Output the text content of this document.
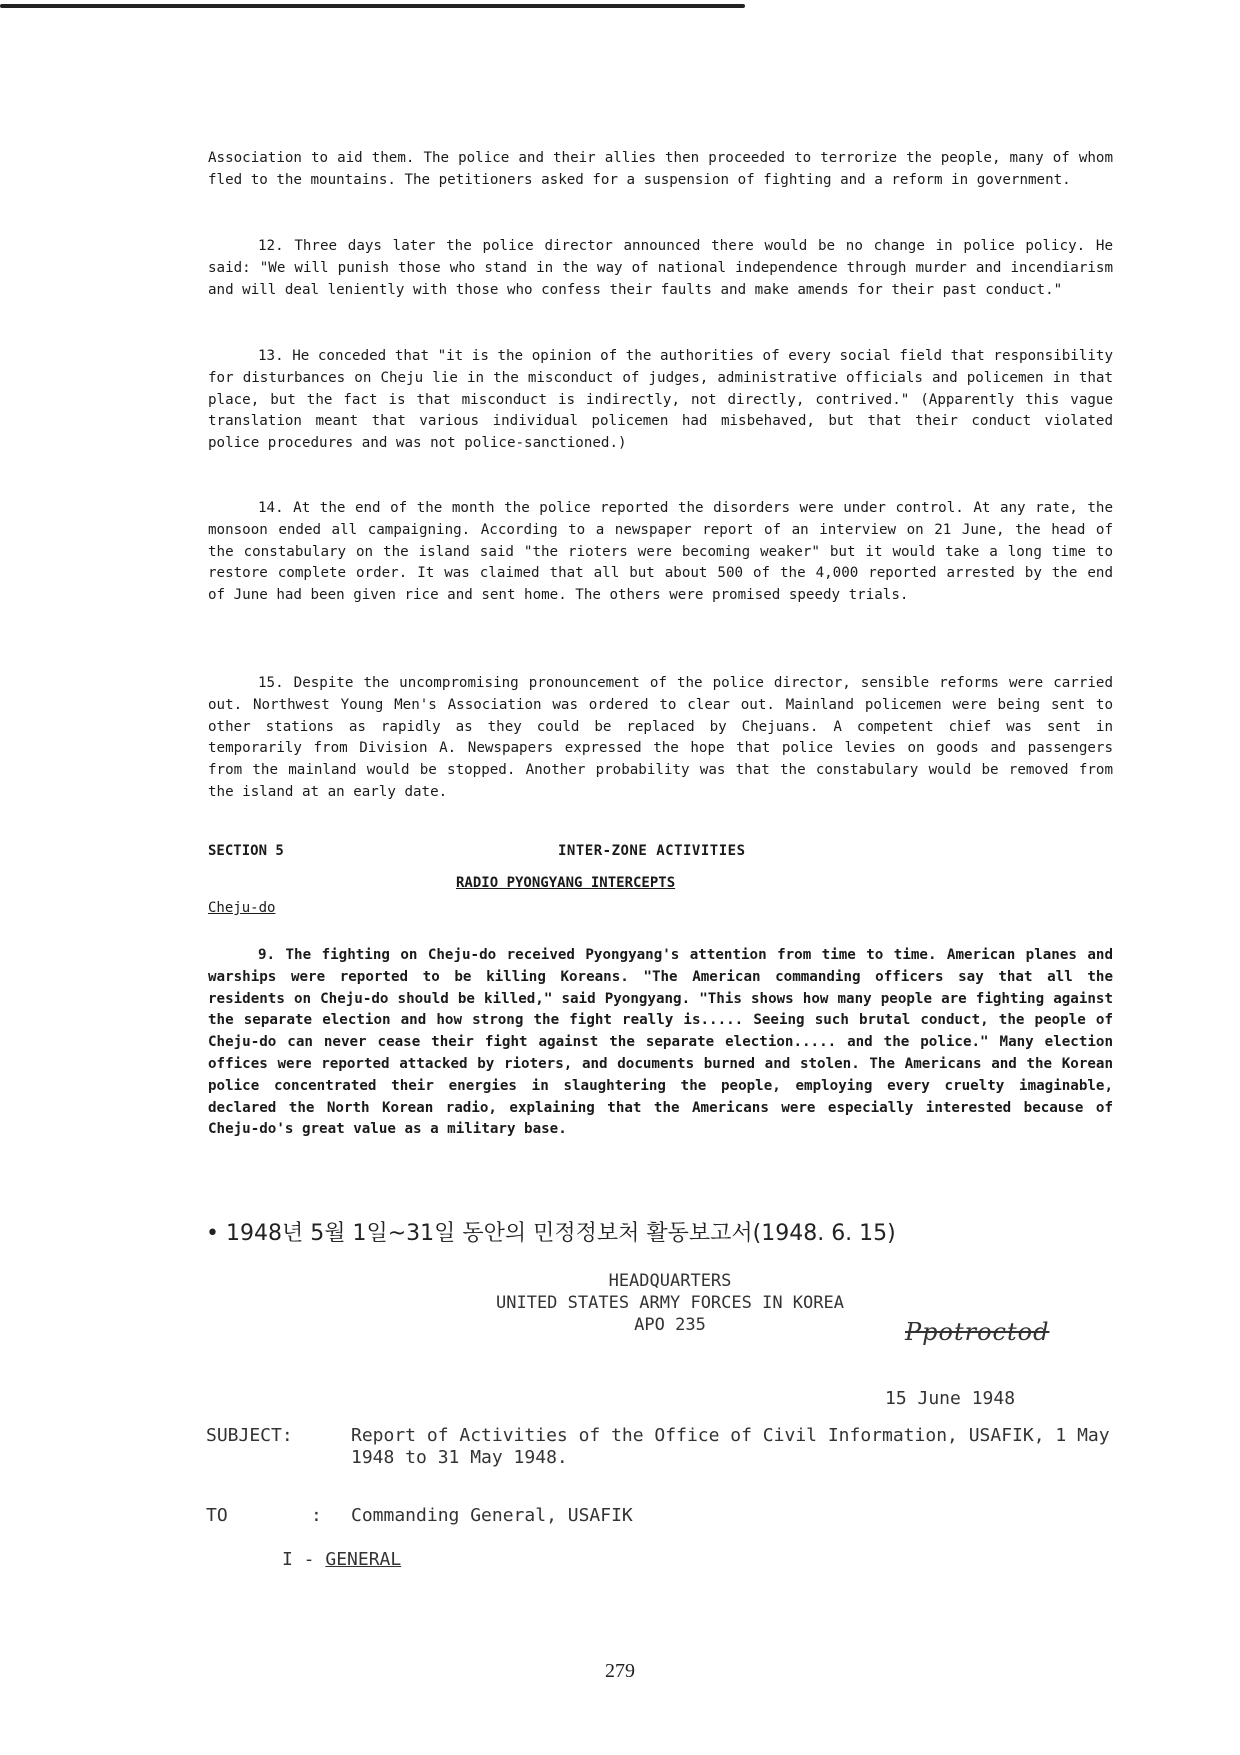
Association to aid them. The police and their allies then proceeded to terrorize the people, many of whom fled to the mountains. The petitioners asked for a suspension of fighting and a reform in government.

12. Three days later the police director announced there would be no change in police policy. He said: "We will punish those who stand in the way of national independence through murder and incendiarism and will deal leniently with those who confess their faults and make amends for their past conduct."

13. He conceded that "it is the opinion of the authorities of every social field that responsibility for disturbances on Cheju lie in the misconduct of judges, administrative officials and policemen in that place, but the fact is that misconduct is indirectly, not directly, contrived." (Apparently this vague translation meant that various individual policemen had misbehaved, but that their conduct violated police procedures and was not police-sanctioned.)

14. At the end of the month the police reported the disorders were under control. At any rate, the monsoon ended all campaigning. According to a newspaper report of an interview on 21 June, the head of the constabulary on the island said "the rioters were becoming weaker" but it would take a long time to restore complete order. It was claimed that all but about 500 of the 4,000 reported arrested by the end of June had been given rice and sent home. The others were promised speedy trials.

15. Despite the uncompromising pronouncement of the police director, sensible reforms were carried out. Northwest Young Men's Association was ordered to clear out. Mainland policemen were being sent to other stations as rapidly as they could be replaced by Chejuans. A competent chief was sent in temporarily from Division A. Newspapers expressed the hope that police levies on goods and passengers from the mainland would be stopped. Another probability was that the constabulary would be removed from the island at an early date.

SECTION 5	INTER-ZONE ACTIVITIES
RADIO PYONGYANG INTERCEPTS
Cheju-do

9. The fighting on Cheju-do received Pyongyang's attention from time to time. American planes and warships were reported to be killing Koreans. "The American commanding officers say that all the residents on Cheju-do should be killed," said Pyongyang. "This shows how many people are fighting against the separate election and how strong the fight really is..... Seeing such brutal conduct, the people of Cheju-do can never cease their fight against the separate election..... and the police." Many election offices were reported attacked by rioters, and documents burned and stolen. The Americans and the Korean police concentrated their energies in slaughtering the people, employing every cruelty imaginable, declared the North Korean radio, explaining that the Americans were especially interested because of Cheju-do's great value as a military base.

• 1948년 5월 1일~31일 동안의 민정정보처 활동보고서(1948. 6. 15)
HEADQUARTERS
UNITED STATES ARMY FORCES IN KOREA
APO 235	Ppotroctod
15 June 1948
SUBJECT:	Report of Activities of the Office of Civil Information, USAFIK, 1 May 1948 to 31 May 1948.
TO	: Commanding General, USAFIK
I - GENERAL
279
